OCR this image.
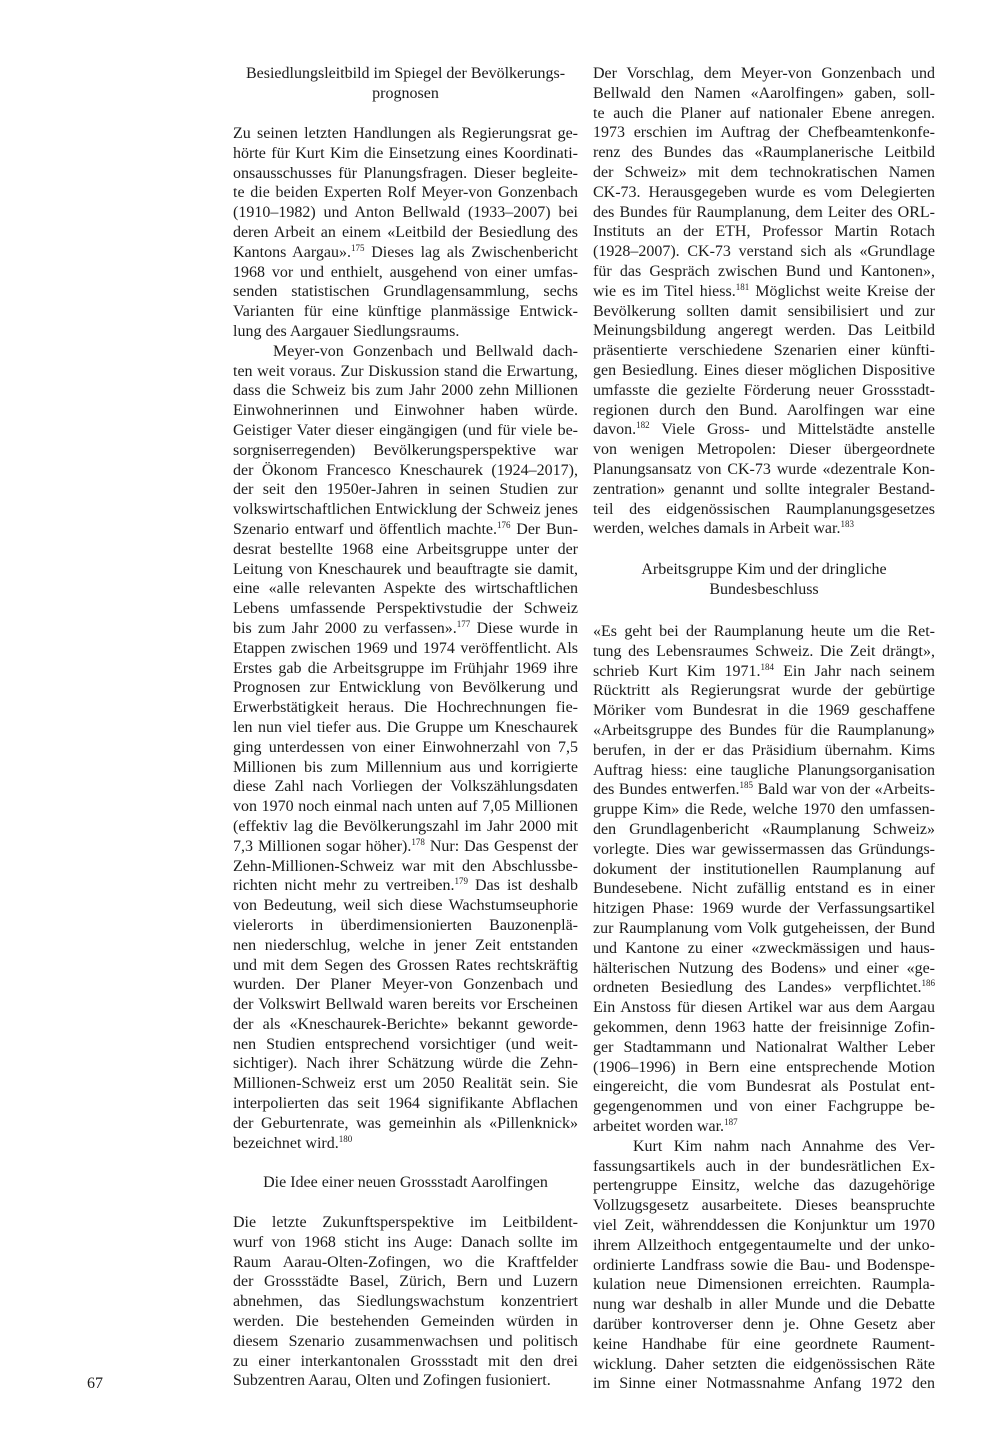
Besiedlungsleitbild im Spiegel der Bevölkerungs-
prognosen
Zu seinen letzten Handlungen als Regierungsrat ge-
hörte für Kurt Kim die Einsetzung eines Koordinati-
onsausschusses für Planungsfragen. Dieser begleite-
te die beiden Experten Rolf Meyer-von Gonzenbach
(1910–1982) und Anton Bellwald (1933–2007) bei
deren Arbeit an einem «Leitbild der Besiedlung des
Kantons Aargau».$^{175}$ Dieses lag als Zwischenbericht
1968 vor und enthielt, ausgehend von einer umfas-
senden statistischen Grundlagensammlung, sechs
Varianten für eine künftige planmässige Entwick-
lung des Aargauer Siedlungsraums.
Meyer-von Gonzenbach und Bellwald dach-
ten weit voraus. Zur Diskussion stand die Erwartung,
dass die Schweiz bis zum Jahr 2000 zehn Millionen
Einwohnerinnen und Einwohner haben würde.
Geistiger Vater dieser eingängigen (und für viele be-
sorgniserregenden) Bevölkerungsperspektive war
der Ökonom Francesco Kneschaurek (1924–2017),
der seit den 1950er-Jahren in seinen Studien zur
volkswirtschaftlichen Entwicklung der Schweiz jenes
Szenario entwarf und öffentlich machte.$^{176}$ Der Bun-
desrat bestellte 1968 eine Arbeitsgruppe unter der
Leitung von Kneschaurek und beauftragte sie damit,
eine «alle relevanten Aspekte des wirtschaftlichen
Lebens umfassende Perspektivstudie der Schweiz
bis zum Jahr 2000 zu verfassen».$^{177}$ Diese wurde in
Etappen zwischen 1969 und 1974 veröffentlicht. Als
Erstes gab die Arbeitsgruppe im Frühjahr 1969 ihre
Prognosen zur Entwicklung von Bevölkerung und
Erwerbstätigkeit heraus. Die Hochrechnungen fie-
len nun viel tiefer aus. Die Gruppe um Kneschaurek
ging unterdessen von einer Einwohnerzahl von 7,5
Millionen bis zum Millennium aus und korrigierte
diese Zahl nach Vorliegen der Volkszählungsdaten
von 1970 noch einmal nach unten auf 7,05 Millionen
(effektiv lag die Bevölkerungszahl im Jahr 2000 mit
7,3 Millionen sogar höher).$^{178}$ Nur: Das Gespenst der
Zehn-Millionen-Schweiz war mit den Abschlussbe-
richten nicht mehr zu vertreiben.$^{179}$ Das ist deshalb
von Bedeutung, weil sich diese Wachstumseuphorie
vielerorts in überdimensionierten Bauzonenplä-
nen niederschlug, welche in jener Zeit entstanden
und mit dem Segen des Grossen Rates rechtskräftig
wurden. Der Planer Meyer-von Gonzenbach und
der Volkswirt Bellwald waren bereits vor Erscheinen
der als «Kneschaurek-Berichte» bekannt geworde-
nen Studien entsprechend vorsichtiger (und weit-
sichtiger). Nach ihrer Schätzung würde die Zehn-
Millionen-Schweiz erst um 2050 Realität sein. Sie
interpolierten das seit 1964 signifikante Abflachen
der Geburtenrate, was gemeinhin als «Pillenknick»
bezeichnet wird.$^{180}$
Die Idee einer neuen Grossstadt Aarolfingen
Die letzte Zukunftsperspektive im Leitbildent-
wurf von 1968 sticht ins Auge: Danach sollte im
Raum Aarau-Olten-Zofingen, wo die Kraftfelder
der Grossstädte Basel, Zürich, Bern und Luzern
abnehmen, das Siedlungswachstum konzentriert
werden. Die bestehenden Gemeinden würden in
diesem Szenario zusammenwachsen und politisch
zu einer interkantonalen Grossstadt mit den drei
Subzentren Aarau, Olten und Zofingen fusioniert.
Der Vorschlag, dem Meyer-von Gonzenbach und
Bellwald den Namen «Aarolfingen» gaben, soll-
te auch die Planer auf nationaler Ebene anregen.
1973 erschien im Auftrag der Chefbeamtenkonfe-
renz des Bundes das «Raumplanerische Leitbild
der Schweiz» mit dem technokratischen Namen
CK-73. Herausgegeben wurde es vom Delegierten
des Bundes für Raumplanung, dem Leiter des ORL-
Instituts an der ETH, Professor Martin Rotach
(1928–2007). CK-73 verstand sich als «Grundlage
für das Gespräch zwischen Bund und Kantonen»,
wie es im Titel hiess.$^{181}$ Möglichst weite Kreise der
Bevölkerung sollten damit sensibilisiert und zur
Meinungsbildung angeregt werden. Das Leitbild
präsentierte verschiedene Szenarien einer künfti-
gen Besiedlung. Eines dieser möglichen Dispositive
umfasste die gezielte Förderung neuer Grossstadt-
regionen durch den Bund. Aarolfingen war eine
davon.$^{182}$ Viele Gross- und Mittelstädte anstelle
von wenigen Metropolen: Dieser übergeordnete
Planungsansatz von CK-73 wurde «dezentrale Kon-
zentration» genannt und sollte integraler Bestand-
teil des eidgenössischen Raumplanungsgesetzes
werden, welches damals in Arbeit war.$^{183}$
Arbeitsgruppe Kim und der dringliche
Bundesbeschluss
«Es geht bei der Raumplanung heute um die Ret-
tung des Lebensraumes Schweiz. Die Zeit drängt»,
schrieb Kurt Kim 1971.$^{184}$ Ein Jahr nach seinem
Rücktritt als Regierungsrat wurde der gebürtige
Möriker vom Bundesrat in die 1969 geschaffene
«Arbeitsgruppe des Bundes für die Raumplanung»
berufen, in der er das Präsidium übernahm. Kims
Auftrag hiess: eine taugliche Planungsorganisation
des Bundes entwerfen.$^{185}$ Bald war von der «Arbeits-
gruppe Kim» die Rede, welche 1970 den umfassen-
den Grundlagenbericht «Raumplanung Schweiz»
vorlegte. Dies war gewissermassen das Gründungs-
dokument der institutionellen Raumplanung auf
Bundesebene. Nicht zufällig entstand es in einer
hitzigen Phase: 1969 wurde der Verfassungsartikel
zur Raumplanung vom Volk gutgeheissen, der Bund
und Kantone zu einer «zweckmässigen und haus-
hälterischen Nutzung des Bodens» und einer «ge-
ordneten Besiedlung des Landes» verpflichtet.$^{186}$
Ein Anstoss für diesen Artikel war aus dem Aargau
gekommen, denn 1963 hatte der freisinnige Zofin-
ger Stadtammann und Nationalrat Walther Leber
(1906–1996) in Bern eine entsprechende Motion
eingereicht, die vom Bundesrat als Postulat ent-
gegengenommen und von einer Fachgruppe be-
arbeitet worden war.$^{187}$
Kurt Kim nahm nach Annahme des Ver-
fassungsartikels auch in der bundesrätlichen Ex-
pertengruppe Einsitz, welche das dazugehörige
Vollzugsgesetz ausarbeitete. Dieses beanspruchte
viel Zeit, währenddessen die Konjunktur um 1970
ihrem Allzeithoch entgegentaumelte und der unko-
ordinierte Landfrass sowie die Bau- und Bodenspe-
kulation neue Dimensionen erreichten. Raumpla-
nung war deshalb in aller Munde und die Debatte
darüber kontroverser denn je. Ohne Gesetz aber
keine Handhabe für eine geordnete Raument-
wicklung. Daher setzten die eidgenössischen Räte
im Sinne einer Notmassnahme Anfang 1972 den
67
